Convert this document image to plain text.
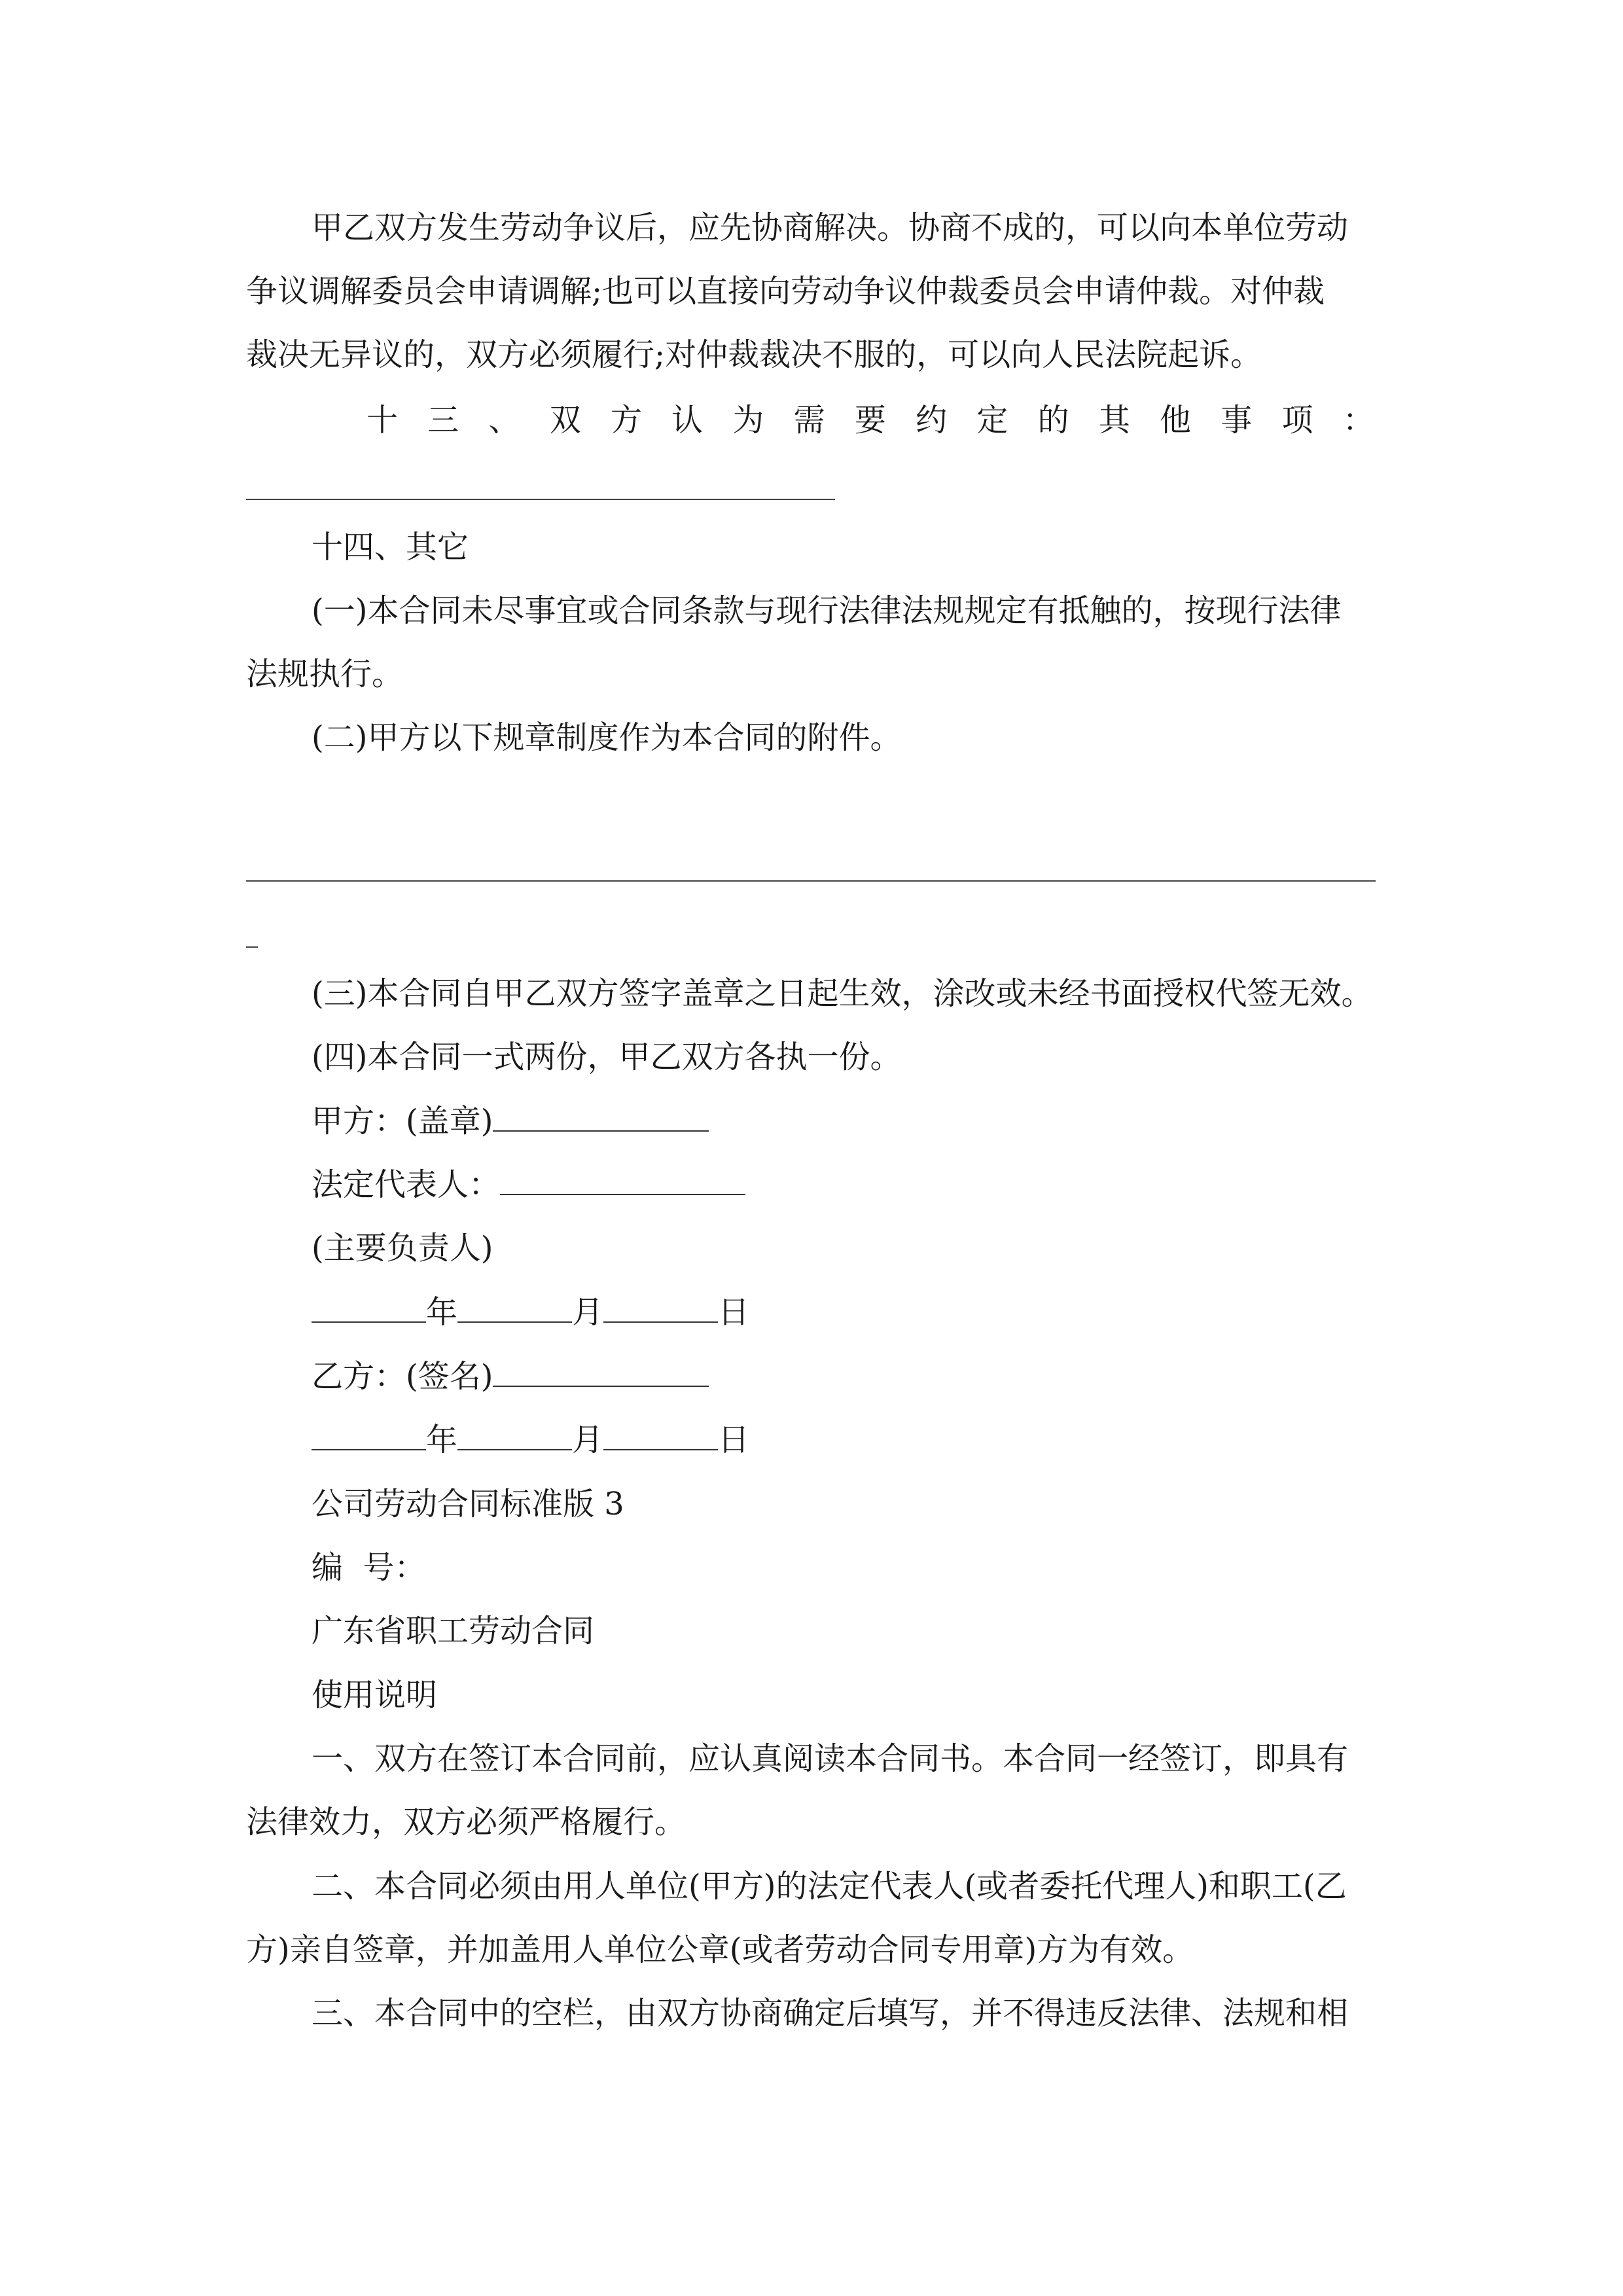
甲乙双方发生劳动争议后，应先协商解决。协商不成的，可以向本单位劳动
争议调解委员会申请调解;也可以直接向劳动争议仲裁委员会申请仲裁。对仲裁
裁决无异议的，双方必须履行;对仲裁裁决不服的，可以向人民法院起诉。
十 三 、 双 方 认 为 需 要 约 定 的 其 他 事 项 ：
十四、其它
(一)本合同未尽事宜或合同条款与现行法律法规规定有抵触的，按现行法律
法规执行。
(二)甲方以下规章制度作为本合同的附件。
(三)本合同自甲乙双方签字盖章之日起生效，涂改或未经书面授权代签无效。
(四)本合同一式两份，甲乙双方各执一份。
甲方：(盖章)
法定代表人：
(主要负责人)
年	月	日
乙方：(签名)
年	月	日
公司劳动合同标准版 3
编  号：
广东省职工劳动合同
使用说明
一、双方在签订本合同前，应认真阅读本合同书。本合同一经签订，即具有
法律效力，双方必须严格履行。
二、本合同必须由用人单位(甲方)的法定代表人(或者委托代理人)和职工(乙
方)亲自签章，并加盖用人单位公章(或者劳动合同专用章)方为有效。
三、本合同中的空栏，由双方协商确定后填写，并不得违反法律、法规和相
